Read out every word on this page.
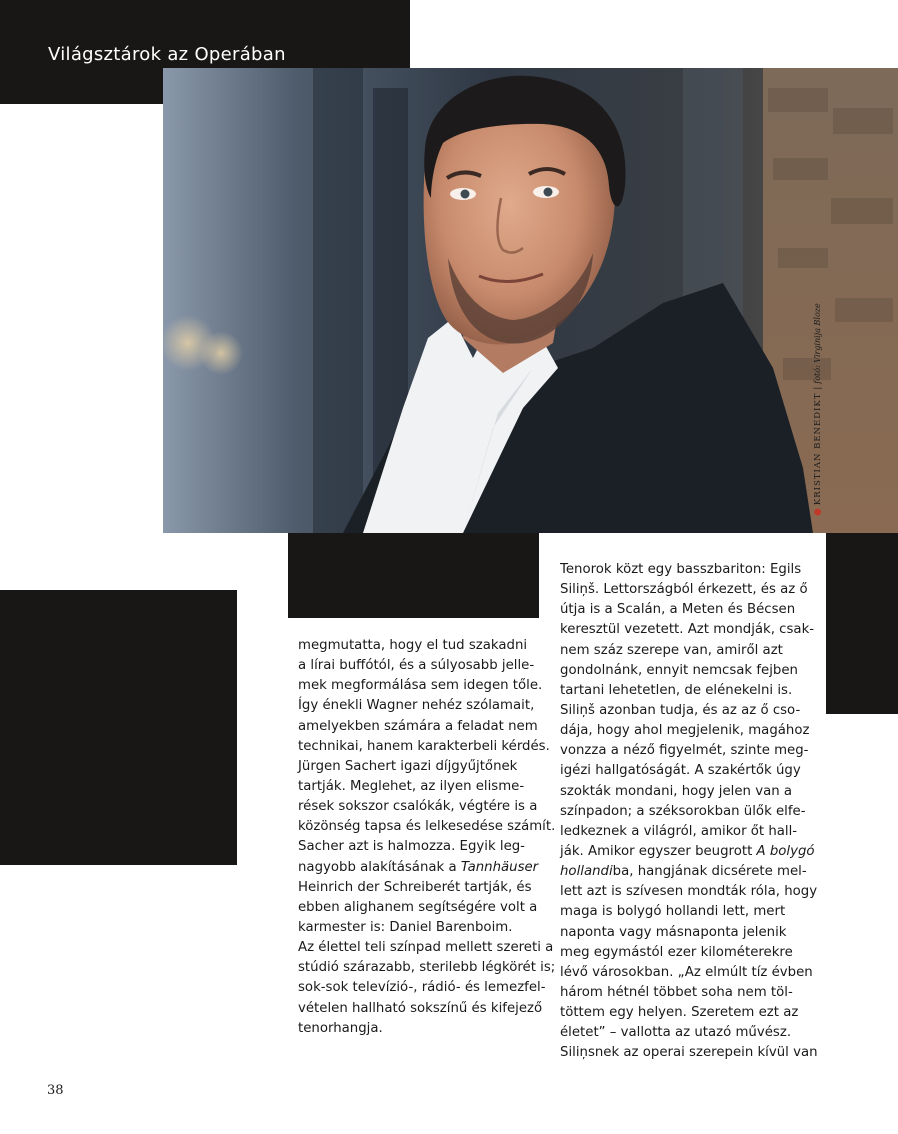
Világsztárok az Operában
●KRISTIAN BENEDIKT|fotó: Virginija Bloze
megmutatta, hogy el tud szakadni
a lírai buffótól, és a súlyosabb jelle-
mek megformálása sem idegen tőle.
Így énekli Wagner nehéz szólamait,
amelyekben számára a feladat nem
technikai, hanem karakterbeli kérdés.
Jürgen Sachert igazi díjgyűjtőnek
tartják. Meglehet, az ilyen elisme-
rések sokszor csalókák, végtére is a
közönség tapsa és lelkesedése számít.
Sacher azt is halmozza. Egyik leg-
nagyobb alakításának a Tannhäuser
Heinrich der Schreiberét tartják, és
ebben alighanem segítségére volt a
karmester is: Daniel Barenboim.
Az élettel teli színpad mellett szereti a
stúdió szárazabb, sterilebb légkörét is;
sok-sok televízió-, rádió- és lemezfel-
vételen hallható sokszínű és kifejező
tenorhangja.
Tenorok közt egy basszbariton: Egils
Siliņš. Lettországból érkezett, és az ő
útja is a Scalán, a Meten és Bécsen
keresztül vezetett. Azt mondják, csak-
nem száz szerepe van, amiről azt
gondolnánk, ennyit nemcsak fejben
tartani lehetetlen, de elénekelni is.
Siliņš azonban tudja, és az az ő cso-
dája, hogy ahol megjelenik, magához
vonzza a néző figyelmét, szinte meg-
igézi hallgatóságát. A szakértők úgy
szokták mondani, hogy jelen van a
színpadon; a széksorokban ülők elfe-
ledkeznek a világról, amikor őt hall-
ják. Amikor egyszer beugrott A bolygó
hollandiba, hangjának dicsérete mel-
lett azt is szívesen mondták róla, hogy
maga is bolygó hollandi lett, mert
naponta vagy másnaponta jelenik
meg egymástól ezer kilométerekre
lévő városokban. „Az elmúlt tíz évben
három hétnél többet soha nem töl-
töttem egy helyen. Szeretem ezt az
életet” – vallotta az utazó művész.
Siliņsnek az operai szerepein kívül van
38
